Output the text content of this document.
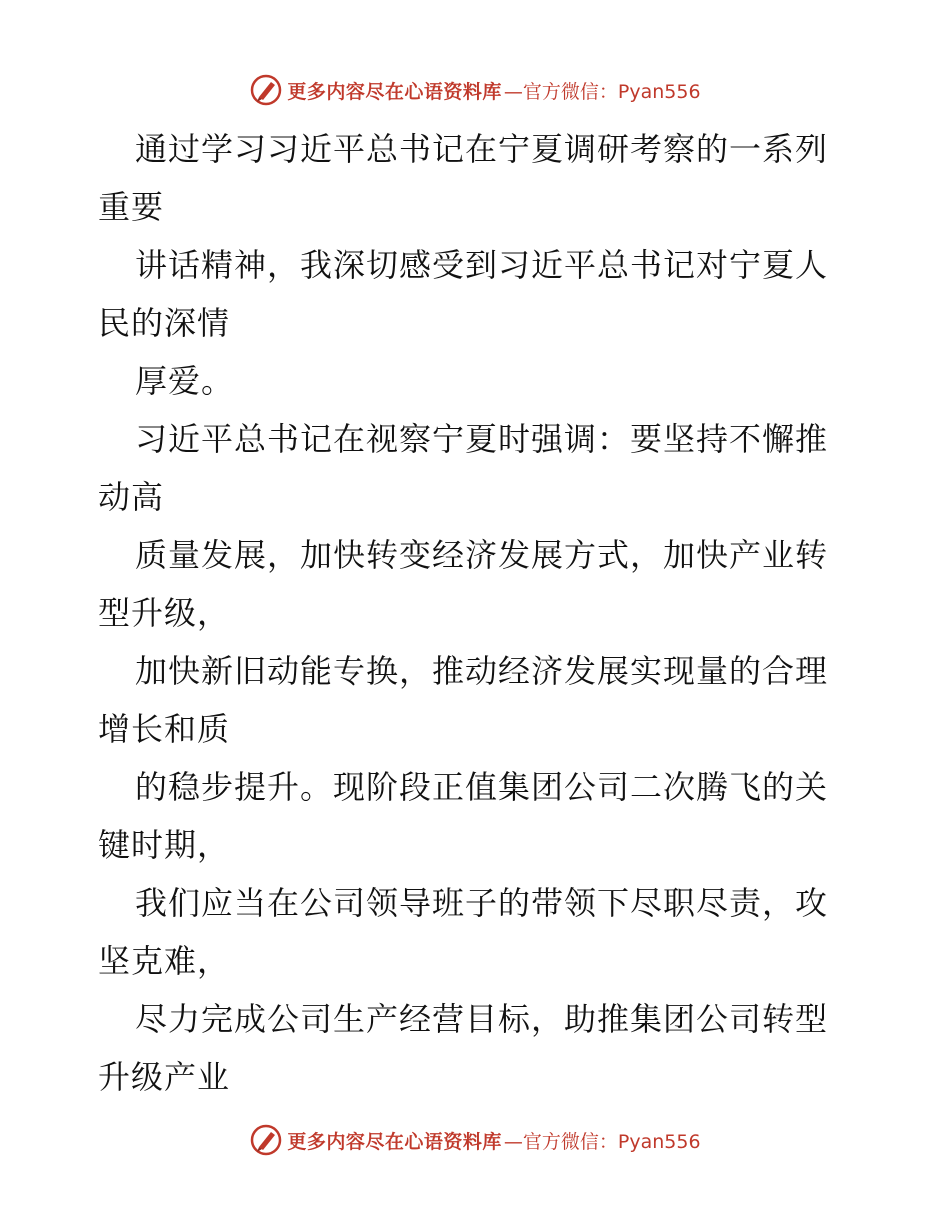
更多内容尽在心语资料库 —官方微信：Pyan556
通过学习习近平总书记在宁夏调研考察的一系列
重要
讲话精神，我深切感受到习近平总书记对宁夏人
民的深情
厚爱。
习近平总书记在视察宁夏时强调：要坚持不懈推
动高
质量发展，加快转变经济发展方式，加快产业转
型升级，
加快新旧动能专换，推动经济发展实现量的合理
增长和质
的稳步提升。现阶段正值集团公司二次腾飞的关
键时期，
我们应当在公司领导班子的带领下尽职尽责，攻
坚克难，
尽力完成公司生产经营目标，助推集团公司转型
升级产业
更多内容尽在心语资料库 —官方微信：Pyan556
